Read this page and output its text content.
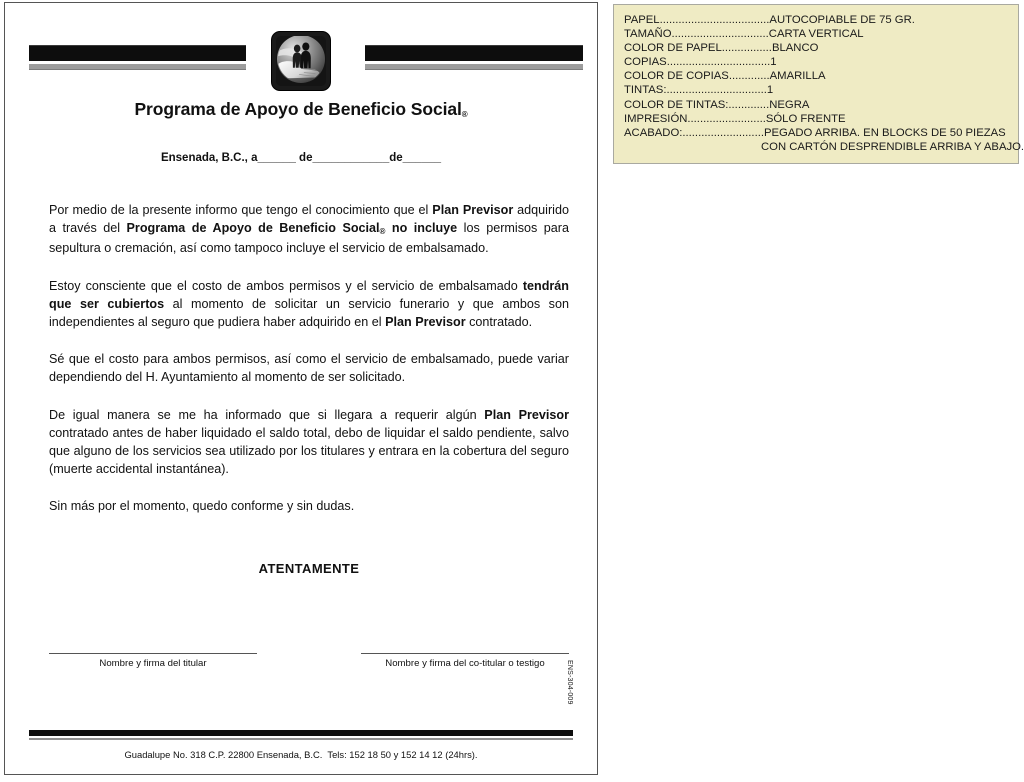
Programa de Apoyo de Beneficio Social®
Ensenada, B.C., a______ de____________de______

Por medio de la presente informo que tengo el conocimiento que el Plan Previsor adquirido a través del Programa de Apoyo de Beneficio Social® no incluye los permisos para sepultura o cremación, así como tampoco incluye el servicio de embalsamado.

Estoy consciente que el costo de ambos permisos y el servicio de embalsamado tendrán que ser cubiertos al momento de solicitar un servicio funerario y que ambos son independientes al seguro que pudiera haber adquirido en el Plan Previsor contratado.

Sé que el costo para ambos permisos, así como el servicio de embalsamado, puede variar dependiendo del H. Ayuntamiento al momento de ser solicitado.

De igual manera se me ha informado que si llegara a requerir algún Plan Previsor contratado antes de haber liquidado el saldo total, debo de liquidar el saldo pendiente, salvo que alguno de los servicios sea utilizado por los titulares y entrara en la cobertura del seguro (muerte accidental instantánea).

Sin más por el momento, quedo conforme y sin dudas.

ATENTAMENTE
Nombre y firma del titular	Nombre y firma del co-titular o testigo	ENS-304-009
Guadalupe No. 318 C.P. 22800 Ensenada, B.C.  Tels: 152 18 50 y 152 14 12 (24hrs).
PAPEL...................................AUTOCOPIABLE DE 75 GR.
TAMAÑO...............................CARTA VERTICAL
COLOR DE PAPEL................BLANCO
COPIAS.................................1
COLOR DE COPIAS.............AMARILLA
TINTAS:................................1
COLOR DE TINTAS:.............NEGRA
IMPRESIÓN.........................SÓLO FRENTE
ACABADO:..........................PEGADO ARRIBA. EN BLOCKS DE 50 PIEZAS
CON CARTÓN DESPRENDIBLE ARRIBA Y ABAJO.
